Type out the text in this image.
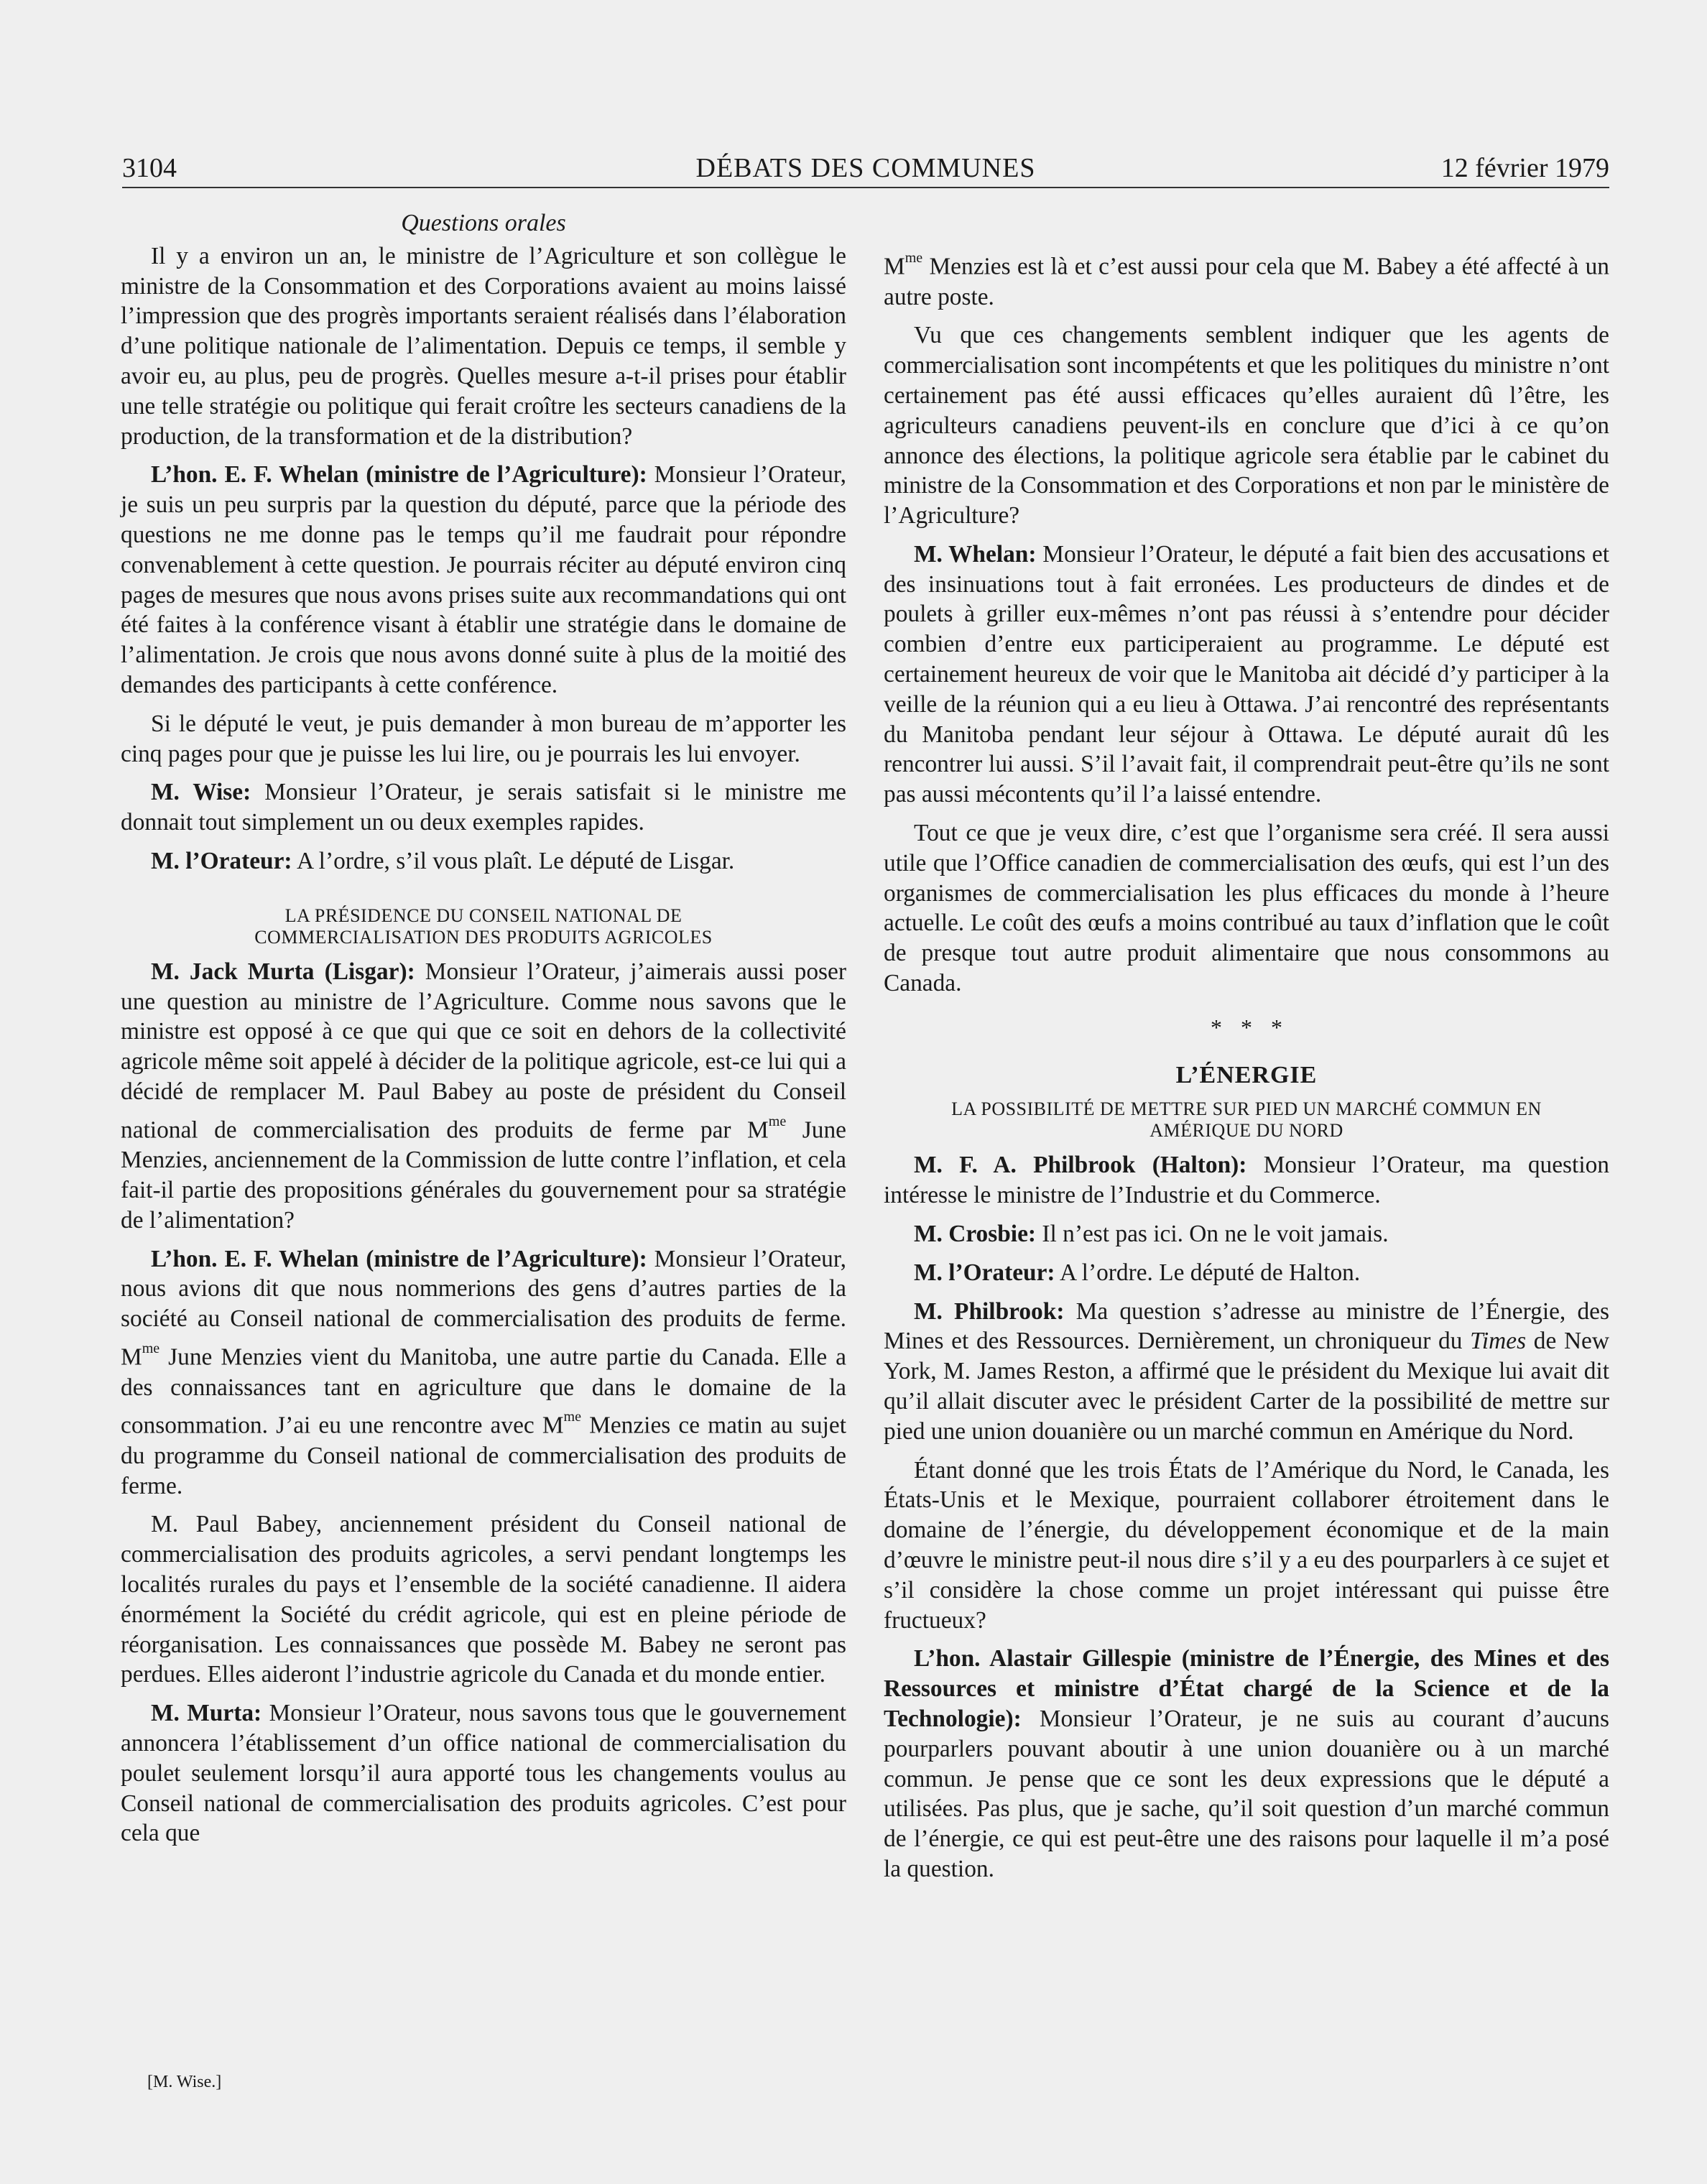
3104	DÉBATS DES COMMUNES	12 février 1979
Questions orales

Il y a environ un an, le ministre de l’Agriculture et son collègue le ministre de la Consommation et des Corporations avaient au moins laissé l’impression que des progrès importants seraient réalisés dans l’élaboration d’une politique nationale de l’alimentation. Depuis ce temps, il semble y avoir eu, au plus, peu de progrès. Quelles mesure a-t-il prises pour établir une telle stratégie ou politique qui ferait croître les secteurs canadiens de la production, de la transformation et de la distribution?

L’hon. E. F. Whelan (ministre de l’Agriculture): Monsieur l’Orateur, je suis un peu surpris par la question du député, parce que la période des questions ne me donne pas le temps qu’il me faudrait pour répondre convenablement à cette question. Je pourrais réciter au député environ cinq pages de mesures que nous avons prises suite aux recommandations qui ont été faites à la conférence visant à établir une stratégie dans le domaine de l’alimentation. Je crois que nous avons donné suite à plus de la moitié des demandes des participants à cette conférence.

Si le député le veut, je puis demander à mon bureau de m’apporter les cinq pages pour que je puisse les lui lire, ou je pourrais les lui envoyer.

M. Wise: Monsieur l’Orateur, je serais satisfait si le ministre me donnait tout simplement un ou deux exemples rapides.

M. l’Orateur: A l’ordre, s’il vous plaît. Le député de Lisgar.

LA PRÉSIDENCE DU CONSEIL NATIONAL DE
COMMERCIALISATION DES PRODUITS AGRICOLES

M. Jack Murta (Lisgar): Monsieur l’Orateur, j’aimerais aussi poser une question au ministre de l’Agriculture. Comme nous savons que le ministre est opposé à ce que qui que ce soit en dehors de la collectivité agricole même soit appelé à décider de la politique agricole, est-ce lui qui a décidé de remplacer M. Paul Babey au poste de président du Conseil national de commercialisation des produits de ferme par $M^{me}$ June Menzies, anciennement de la Commission de lutte contre l’inflation, et cela fait-il partie des propositions générales du gouvernement pour sa stratégie de l’alimentation?

L’hon. E. F. Whelan (ministre de l’Agriculture): Monsieur l’Orateur, nous avions dit que nous nommerions des gens d’autres parties de la société au Conseil national de commercialisation des produits de ferme. $M^{me}$ June Menzies vient du Manitoba, une autre partie du Canada. Elle a des connaissances tant en agriculture que dans le domaine de la consommation. J’ai eu une rencontre avec $M^{me}$ Menzies ce matin au sujet du programme du Conseil national de commercialisation des produits de ferme.

M. Paul Babey, anciennement président du Conseil national de commercialisation des produits agricoles, a servi pendant longtemps les localités rurales du pays et l’ensemble de la société canadienne. Il aidera énormément la Société du crédit agricole, qui est en pleine période de réorganisation. Les connaissances que possède M. Babey ne seront pas perdues. Elles aideront l’industrie agricole du Canada et du monde entier.

M. Murta: Monsieur l’Orateur, nous savons tous que le gouvernement annoncera l’établissement d’un office national de commercialisation du poulet seulement lorsqu’il aura apporté tous les changements voulus au Conseil national de commercialisation des produits agricoles. C’est pour cela que

[M. Wise.]

$M^{me}$ Menzies est là et c’est aussi pour cela que M. Babey a été affecté à un autre poste.

Vu que ces changements semblent indiquer que les agents de commercialisation sont incompétents et que les politiques du ministre n’ont certainement pas été aussi efficaces qu’elles auraient dû l’être, les agriculteurs canadiens peuvent-ils en conclure que d’ici à ce qu’on annonce des élections, la politique agricole sera établie par le cabinet du ministre de la Consommation et des Corporations et non par le ministère de l’Agriculture?

M. Whelan: Monsieur l’Orateur, le député a fait bien des accusations et des insinuations tout à fait erronées. Les producteurs de dindes et de poulets à griller eux-mêmes n’ont pas réussi à s’entendre pour décider combien d’entre eux participeraient au programme. Le député est certainement heureux de voir que le Manitoba ait décidé d’y participer à la veille de la réunion qui a eu lieu à Ottawa. J’ai rencontré des représentants du Manitoba pendant leur séjour à Ottawa. Le député aurait dû les rencontrer lui aussi. S’il l’avait fait, il comprendrait peut-être qu’ils ne sont pas aussi mécontents qu’il l’a laissé entendre.

Tout ce que je veux dire, c’est que l’organisme sera créé. Il sera aussi utile que l’Office canadien de commercialisation des œufs, qui est l’un des organismes de commercialisation les plus efficaces du monde à l’heure actuelle. Le coût des œufs a moins contribué au taux d’inflation que le coût de presque tout autre produit alimentaire que nous consommons au Canada.

* * *
L’ÉNERGIE
LA POSSIBILITÉ DE METTRE SUR PIED UN MARCHÉ COMMUN EN
AMÉRIQUE DU NORD

M. F. A. Philbrook (Halton): Monsieur l’Orateur, ma question intéresse le ministre de l’Industrie et du Commerce.

M. Crosbie: Il n’est pas ici. On ne le voit jamais.

M. l’Orateur: A l’ordre. Le député de Halton.

M. Philbrook: Ma question s’adresse au ministre de l’Énergie, des Mines et des Ressources. Dernièrement, un chroniqueur du Times de New York, M. James Reston, a affirmé que le président du Mexique lui avait dit qu’il allait discuter avec le président Carter de la possibilité de mettre sur pied une union douanière ou un marché commun en Amérique du Nord.

Étant donné que les trois États de l’Amérique du Nord, le Canada, les États-Unis et le Mexique, pourraient collaborer étroitement dans le domaine de l’énergie, du développement économique et de la main d’œuvre le ministre peut-il nous dire s’il y a eu des pourparlers à ce sujet et s’il considère la chose comme un projet intéressant qui puisse être fructueux?

L’hon. Alastair Gillespie (ministre de l’Énergie, des Mines et des Ressources et ministre d’État chargé de la Science et de la Technologie): Monsieur l’Orateur, je ne suis au courant d’aucuns pourparlers pouvant aboutir à une union douanière ou à un marché commun. Je pense que ce sont les deux expressions que le député a utilisées. Pas plus, que je sache, qu’il soit question d’un marché commun de l’énergie, ce qui est peut-être une des raisons pour laquelle il m’a posé la question.
